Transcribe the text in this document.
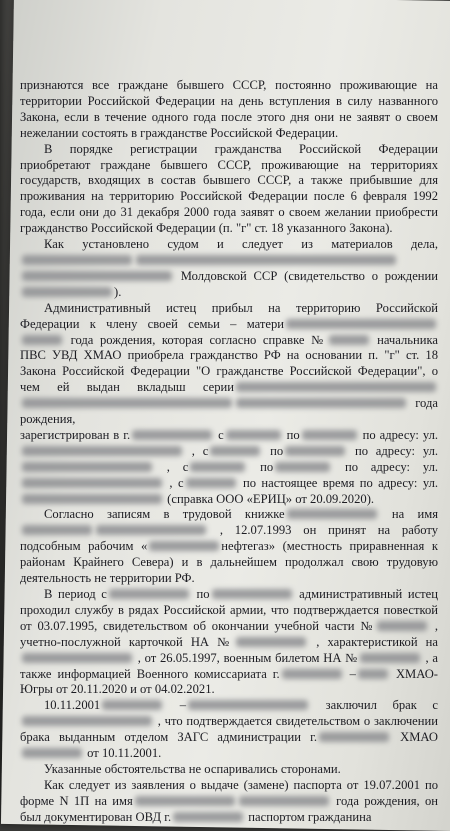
признаются все граждане бывшего СССР, постоянно проживающие на территории Российской Федерации на день вступления в силу названного Закона, если в течение одного года после этого дня они не заявят о своем нежелании состоять в гражданстве Российской Федерации.

В порядке регистрации гражданства Российской Федерации приобретают граждане бывшего СССР, проживающие на территориях государств, входящих в состав бывшего СССР, а также прибывшие для проживания на территорию Российской Федерации после 6 февраля 1992 года, если они до 31 декабря 2000 года заявят о своем желании приобрести гражданство Российской Федерации (п. "г" ст. 18 указанного Закона).

Как установлено судом и следует из материалов дела, Молдовской ССР (свидетельство о рождении).

Административный истец прибыл на территорию Российской Федерации к члену своей семьи – матери года рождения, которая согласно справке №	начальника ПВС УВД ХМАО приобрела гражданство РФ на основании п. "г" ст. 18 Закона Российской Федерации "О гражданстве Российской Федерации", о чем ей выдан вкладыш серии года рождения,

зарегистрирован в г.	с	по	по адресу: ул. , с	по	по адресу: ул. , с	по	по адресу: ул. , с	по настоящее время по адресу: ул. (справка ООО «ЕРИЦ» от 20.09.2020).

Согласно записям в трудовой книжке	на имя , 12.07.1993 он принят на работу подсобным рабочим «	нефтегаз» (местность приравненная к районам Крайнего Севера) и в дальнейшем продолжал свою трудовую деятельность не территории РФ.

В период с	по	административный истец проходил службу в рядах Российской армии, что подтверждается повесткой от 03.07.1995, свидетельством об окончании учебной части №	, учетно-послужной карточкой НА №	, характеристикой на , от 26.05.1997, военным билетом НА №	, а также информацией Военного комиссариата г.	–	ХМАО-Югры от 20.11.2020 и от 04.02.2021.

10.11.2001	–	заключил брак с , что подтверждается свидетельством о заключении брака выданным отделом ЗАГС администрации г.	ХМАО от 10.11.2001.

Указанные обстоятельства не оспаривались сторонами.

Как следует из заявления о выдаче (замене) паспорта от 19.07.2001 по форме N 1П на имя	года рождения, он был документирован ОВД г.	паспортом гражданина
